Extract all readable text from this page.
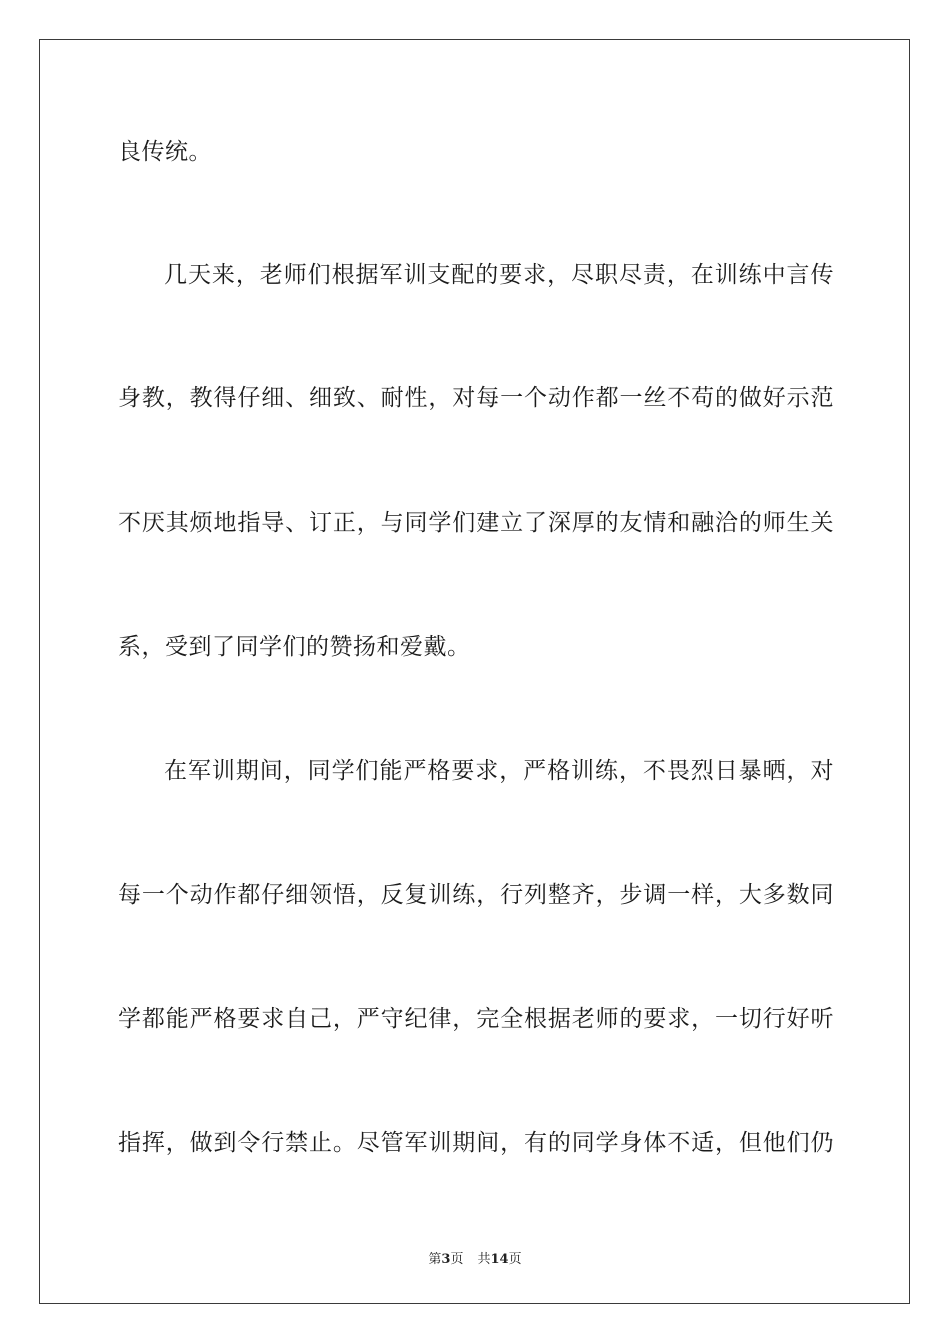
良传统。
几天来，老师们根据军训支配的要求，尽职尽责，在训练中言传
身教，教得仔细、细致、耐性，对每一个动作都一丝不苟的做好示范
不厌其烦地指导、订正，与同学们建立了深厚的友情和融洽的师生关
系，受到了同学们的赞扬和爱戴。
在军训期间，同学们能严格要求，严格训练，不畏烈日暴晒，对
每一个动作都仔细领悟，反复训练，行列整齐，步调一样，大多数同
学都能严格要求自己，严守纪律，完全根据老师的要求，一切行好听
指挥，做到令行禁止。尽管军训期间，有的同学身体不适，但他们仍
第3页 共14页
